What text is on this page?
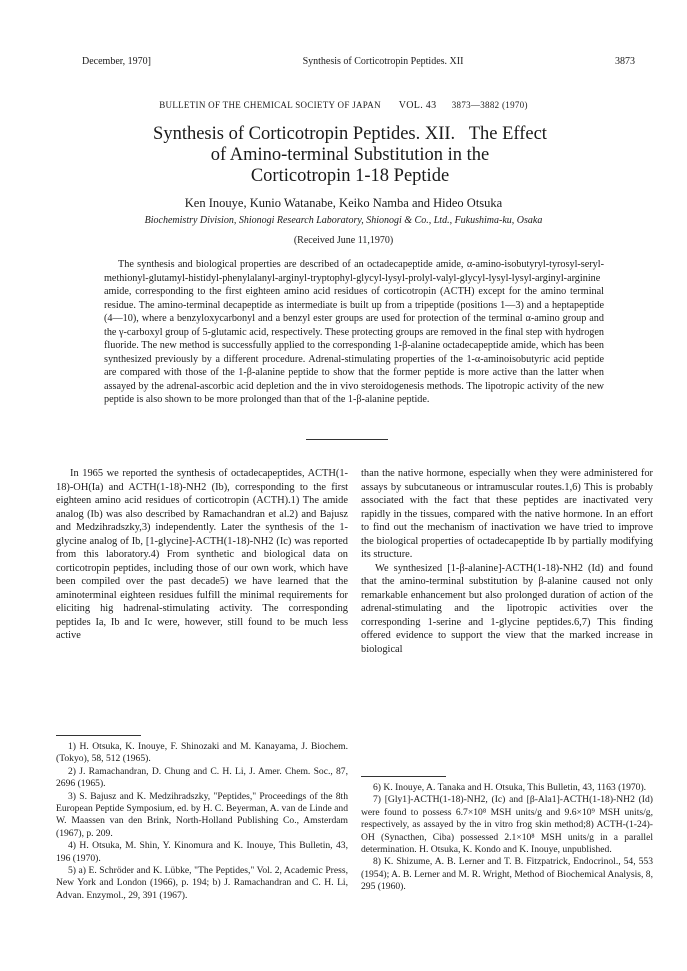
December, 1970]	Synthesis of Corticotropin Peptides. XII	3873
BULLETIN OF THE CHEMICAL SOCIETY OF JAPAN VOL. 43 3873—3882 (1970)
Synthesis of Corticotropin Peptides. XII.   The Effect
of Amino-terminal Substitution in the
Corticotropin 1-18 Peptide
Ken Inouye, Kunio Watanabe, Keiko Namba and Hideo Otsuka
Biochemistry Division, Shionogi Research Laboratory, Shionogi & Co., Ltd., Fukushima-ku, Osaka
(Received June 11,1970)
The synthesis and biological properties are described of an octadecapeptide amide, α-amino-isobutyryl-tyrosyl-seryl-methionyl-glutamyl-histidyl-phenylalanyl-arginyl-tryptophyl-glycyl-lysyl-prolyl-valyl-glycyl-lysyl-lysyl-arginyl-arginine amide, corresponding to the first eighteen amino acid residues of corticotropin (ACTH) except for the amino terminal residue. The amino-terminal decapeptide as intermediate is built up from a tripeptide (positions 1—3) and a heptapeptide (4—10), where a benzyloxycarbonyl and a benzyl ester groups are used for protection of the terminal α-amino group and the γ-carboxyl group of 5-glutamic acid, respectively. These protecting groups are removed in the final step with hydrogen fluoride. The new method is successfully applied to the corresponding 1-β-alanine octadecapeptide amide, which has been synthesized previously by a different procedure. Adrenal-stimulating properties of the 1-α-aminoisobutyric acid peptide are compared with those of the 1-β-alanine peptide to show that the former peptide is more active than the latter when assayed by the adrenal-ascorbic acid depletion and the in vivo steroidogenesis methods. The lipotropic activity of the new peptide is also shown to be more prolonged than that of the 1-β-alanine peptide.

In 1965 we reported the synthesis of octadecapeptides, ACTH(1-18)-OH(Ia) and ACTH(1-18)-NH2 (Ib), corresponding to the first eighteen amino acid residues of corticotropin (ACTH).1) The amide analog (Ib) was also described by Ramachandran et al.2) and Bajusz and Medzihradszky,3) independently. Later the synthesis of the 1-glycine analog of Ib, [1-glycine]-ACTH(1-18)-NH2 (Ic) was reported from this laboratory.4) From synthetic and biological data on corticotropin peptides, including those of our own work, which have been compiled over the past decade5) we have learned that the aminoterminal eighteen residues fulfill the minimal requirements for eliciting hig hadrenal-stimulating activity. The corresponding peptides Ia, Ib and Ic were, however, still found to be much less active

than the native hormone, especially when they were administered for assays by subcutaneous or intramuscular routes.1,6) This is probably associated with the fact that these peptides are inactivated very rapidly in the tissues, compared with the native hormone. In an effort to find out the mechanism of inactivation we have tried to improve the biological properties of octadecapeptide Ib by partially modifying its structure.

We synthesized [1-β-alanine]-ACTH(1-18)-NH2 (Id) and found that the amino-terminal substitution by β-alanine caused not only remarkable enhancement but also prolonged duration of action of the adrenal-stimulating and the lipotropic activities over the corresponding 1-serine and 1-glycine peptides.6,7) This finding offered evidence to support the view that the marked increase in biological

1) H. Otsuka, K. Inouye, F. Shinozaki and M. Kanayama, J. Biochem. (Tokyo), 58, 512 (1965).
2) J. Ramachandran, D. Chung and C. H. Li, J. Amer. Chem. Soc., 87, 2696 (1965).
3) S. Bajusz and K. Medzihradszky, "Peptides," Proceedings of the 8th European Peptide Symposium, ed. by H. C. Beyerman, A. van de Linde and W. Maassen van den Brink, North-Holland Publishing Co., Amsterdam (1967), p. 209.
4) H. Otsuka, M. Shin, Y. Kinomura and K. Inouye, This Bulletin, 43, 196 (1970).
5) a) E. Schröder and K. Lübke, "The Peptides," Vol. 2, Academic Press, New York and London (1966), p. 194; b) J. Ramachandran and C. H. Li, Advan. Enzymol., 29, 391 (1967).
6) K. Inouye, A. Tanaka and H. Otsuka, This Bulletin, 43, 1163 (1970).
7) [Gly1]-ACTH(1-18)-NH2, (Ic) and [β-Ala1]-ACTH(1-18)-NH2 (Id) were found to possess 6.7×10⁸ MSH units/g and 9.6×10⁹ MSH units/g, respectively, as assayed by the in vitro frog skin method;8) ACTH-(1-24)-OH (Synacthen, Ciba) possessed 2.1×10⁸ MSH units/g in a parallel determination. H. Otsuka, K. Kondo and K. Inouye, unpublished.
8) K. Shizume, A. B. Lerner and T. B. Fitzpatrick, Endocrinol., 54, 553 (1954); A. B. Lerner and M. R. Wright, Method of Biochemical Analysis, 8, 295 (1960).
